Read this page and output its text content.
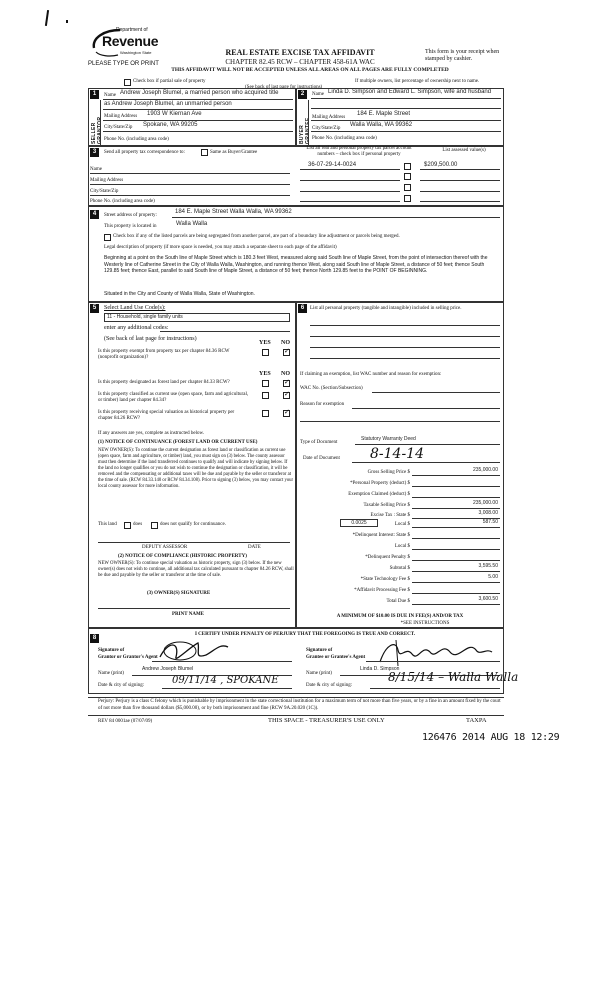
Department of
Revenue
Washington State
PLEASE TYPE OR PRINT
REAL ESTATE EXCISE TAX AFFIDAVIT
CHAPTER 82.45 RCW – CHAPTER 458-61A WAC
THIS AFFIDAVIT WILL NOT BE ACCEPTED UNLESS ALL AREAS ON ALL PAGES ARE FULLY COMPLETED
This form is your receipt when stamped by cashier.
Check box if partial sale of property
(See back of last page for instructions)
If multiple owners, list percentage of ownership next to name.
1
SELLER GRANTOR
Name Andrew Joseph Blumel, a married person who acquired title
as Andrew Joseph Blumel, an unmarried person
Mailing Address 1903 W Kiernan Ave
City/State/Zip Spokane, WA 99205
Phone No. (including area code)
2
BUYER GRANTEE
Name Linda D. Simpson and Edward L. Simpson, wife and husband
Mailing Address
184 E. Maple Street
City/State/Zip
Walla Walla, WA 99362
Phone No. (including area code)
3	Send all property tax correspondence to:	Same as Buyer/Grantee
Name
Mailing Address
City/State/Zip
Phone No. (including area code)
List all real and personal property tax parcel account numbers – check box if personal property
List assessed value(s)
36-07-29-14-0024	$209,500.00
4	Street address of property:
184 E. Maple Street Walla Walla, WA 99362
This property is located in	Walla Walla
Check box if any of the listed parcels are being segregated from another parcel, are part of a boundary line adjustment or parcels being merged.
Legal description of property (if more space is needed, you may attach a separate sheet to each page of the affidavit)
Beginning at a point on the South line of Maple Street which is 180.3 feet West, measured along said South line of Maple Street, from the point of intersection thereof with the Westerly line of Catherine Street in the City of Walla Walla, Washington, and running thence West, along said South line of Maple Street, a distance of 50 feet; thence South 129.85 feet; thence East, parallel to said South line of Maple Street, a distance of 50 feet; thence North 129.85 feet to the POINT OF BEGINNING.
Situated in the City and County of Walla Walla, State of Washington.
5	Select Land Use Code(s):
11 - Household, single family units
enter any additional codes:
(See back of last page for instructions)
YES NO
Is this property exempt from property tax per chapter 84.36 RCW (nonprofit organization)?
✓
YES NO
Is this property designated as forest land per chapter 84.33 RCW?
✓
Is this property classified as current use (open space, farm and agricultural, or timber) land per chapter 84.34?
✓
Is this property receiving special valuation as historical property per chapter 84.26 RCW?
✓
If any answers are yes, complete as instructed below.
(1) NOTICE OF CONTINUANCE (FOREST LAND OR CURRENT USE)
NEW OWNER(S): To continue the current designation as forest land or classification as current use (open space, farm and agriculture, or timber) land, you must sign on (3) below. The county assessor must then determine if the land transferred continues to qualify and will indicate by signing below. If the land no longer qualifies or you do not wish to continue the designation or classification, it will be removed and the compensating or additional taxes will be due and payable by the seller or transferor at the time of sale. (RCW 84.33.140 or RCW 84.34.108). Prior to signing (3) below, you may contact your local county assessor for more information.
This land	does	does not qualify for continuance.
DEPUTY ASSESSOR	DATE
(2) NOTICE OF COMPLIANCE (HISTORIC PROPERTY)
NEW OWNER(S): To continue special valuation as historic property, sign (3) below. If the new owner(s) does not wish to continue, all additional tax calculated pursuant to chapter 84.26 RCW, shall be due and payable by the seller or transferor at the time of sale.
(3) OWNER(S) SIGNATURE
PRINT NAME
6	List all personal property (tangible and intangible) included in selling price.
If claiming an exemption, list WAC number and reason for exemption:
WAC No. (Section/Subsection)
Reason for exemption
Type of Document
Statutory Warranty Deed
Date of Document 8-14-14
Gross Selling Price $	235,000.00
*Personal Property (deduct) $
Exemption Claimed (deduct) $
Taxable Selling Price $	235,000.00
Excise Tax : State $	3,008.00
0.0025	Local $	587.50
*Delinquent Interest: State $
Local $
*Delinquent Penalty $
Subtotal $	3,595.50
*State Technology Fee $	5.00
*Affidavit Processing Fee $
Total Due $	3,600.50
A MINIMUM OF $10.00 IS DUE IN FEE(S) AND/OR TAX
*SEE INSTRUCTIONS
8
I CERTIFY UNDER PENALTY OF PERJURY THAT THE FOREGOING IS TRUE AND CORRECT.
Signature of
Grantor or Grantor's Agent
Name (print)
Andrew Joseph Blumel
Date & city of signing:	09/11/14 , SPOKANE
Signature of
Grantee or Grantee's Agent
Name (print)
Linda D. Simpson
Date & city of signing:
8/15/14 – Walla Walla
Perjury: Perjury is a class C felony which is punishable by imprisonment in the state correctional institution for a maximum term of not more than five years, or by a fine in an amount fixed by the court of not more than five thousand dollars ($5,000.00), or by both imprisonment and fine (RCW 9A.20.020 (1C)).
REV 84 0001ae (07/07/09)	THIS SPACE - TREASURER'S USE ONLY	TAXPA
126476 2014 AUG 18 12:29
